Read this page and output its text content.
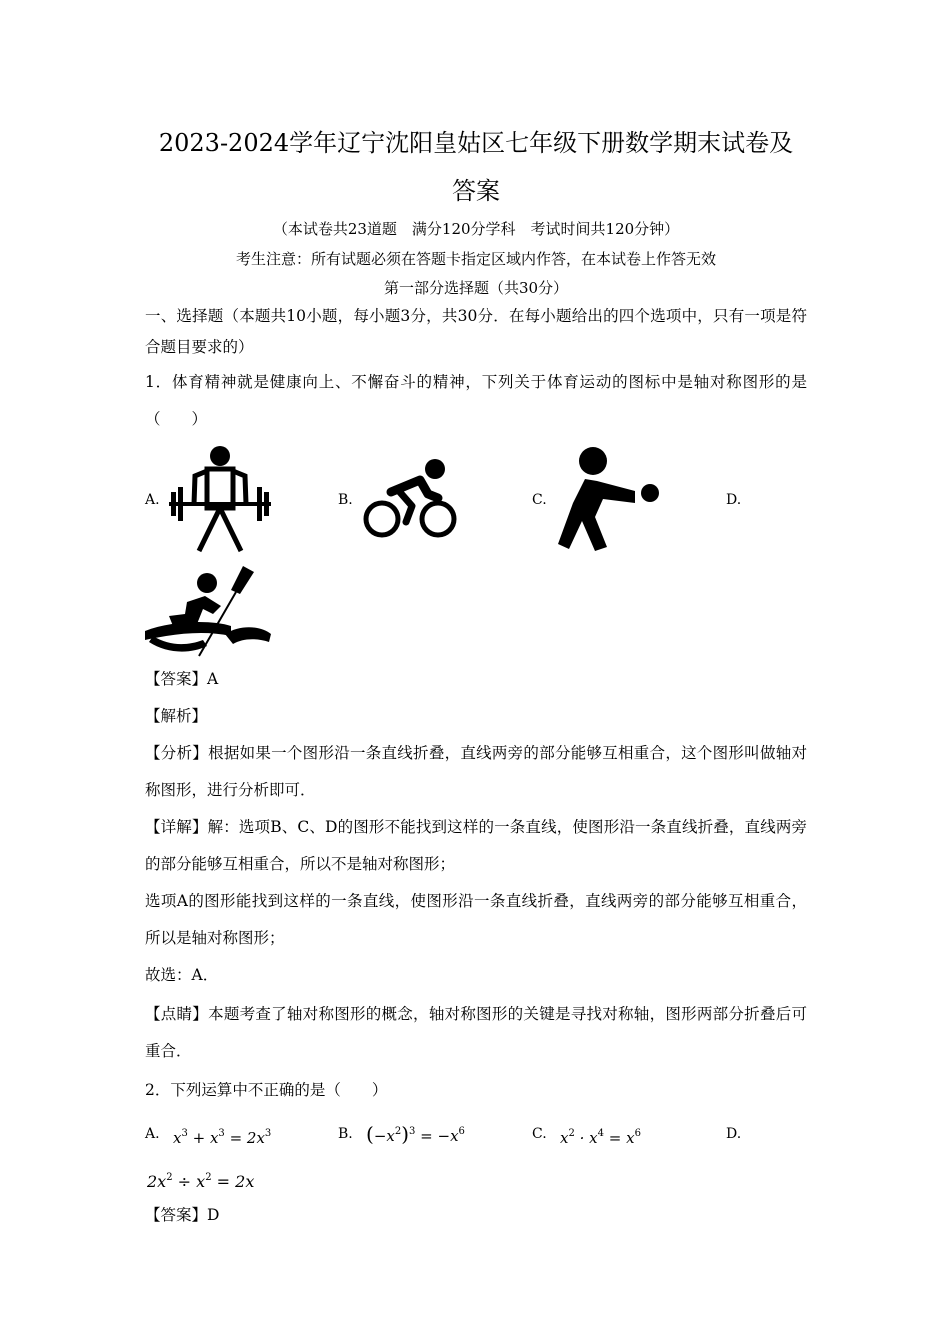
2023-2024学年辽宁沈阳皇姑区七年级下册数学期末试卷及
答案
（本试卷共23道题　满分120分学科　考试时间共120分钟）
考生注意：所有试题必须在答题卡指定区域内作答，在本试卷上作答无效
第一部分选择题（共30分）
一、选择题（本题共10小题，每小题3分，共30分．在每小题给出的四个选项中，只有一项是符合题目要求的）
1．体育精神就是健康向上、不懈奋斗的精神，下列关于体育运动的图标中是轴对称图形的是（　　）
A.	B.	C.	D.
【答案】A
【解析】
【分析】根据如果一个图形沿一条直线折叠，直线两旁的部分能够互相重合，这个图形叫做轴对称图形，进行分析即可．
【详解】解：选项B、C、D的图形不能找到这样的一条直线，使图形沿一条直线折叠，直线两旁的部分能够互相重合，所以不是轴对称图形；
选项A的图形能找到这样的一条直线，使图形沿一条直线折叠，直线两旁的部分能够互相重合，所以是轴对称图形；
故选：A．
【点睛】本题考查了轴对称图形的概念，轴对称图形的关键是寻找对称轴，图形两部分折叠后可重合．
2．下列运算中不正确的是（　　）
A. $x^3 + x^3 = 2x^3$	B. $(-x^2)^3 = -x^6$	C. $x^2 \cdot x^4 = x^6$	D.
$2x^2 \div x^2 = 2x$
【答案】D
